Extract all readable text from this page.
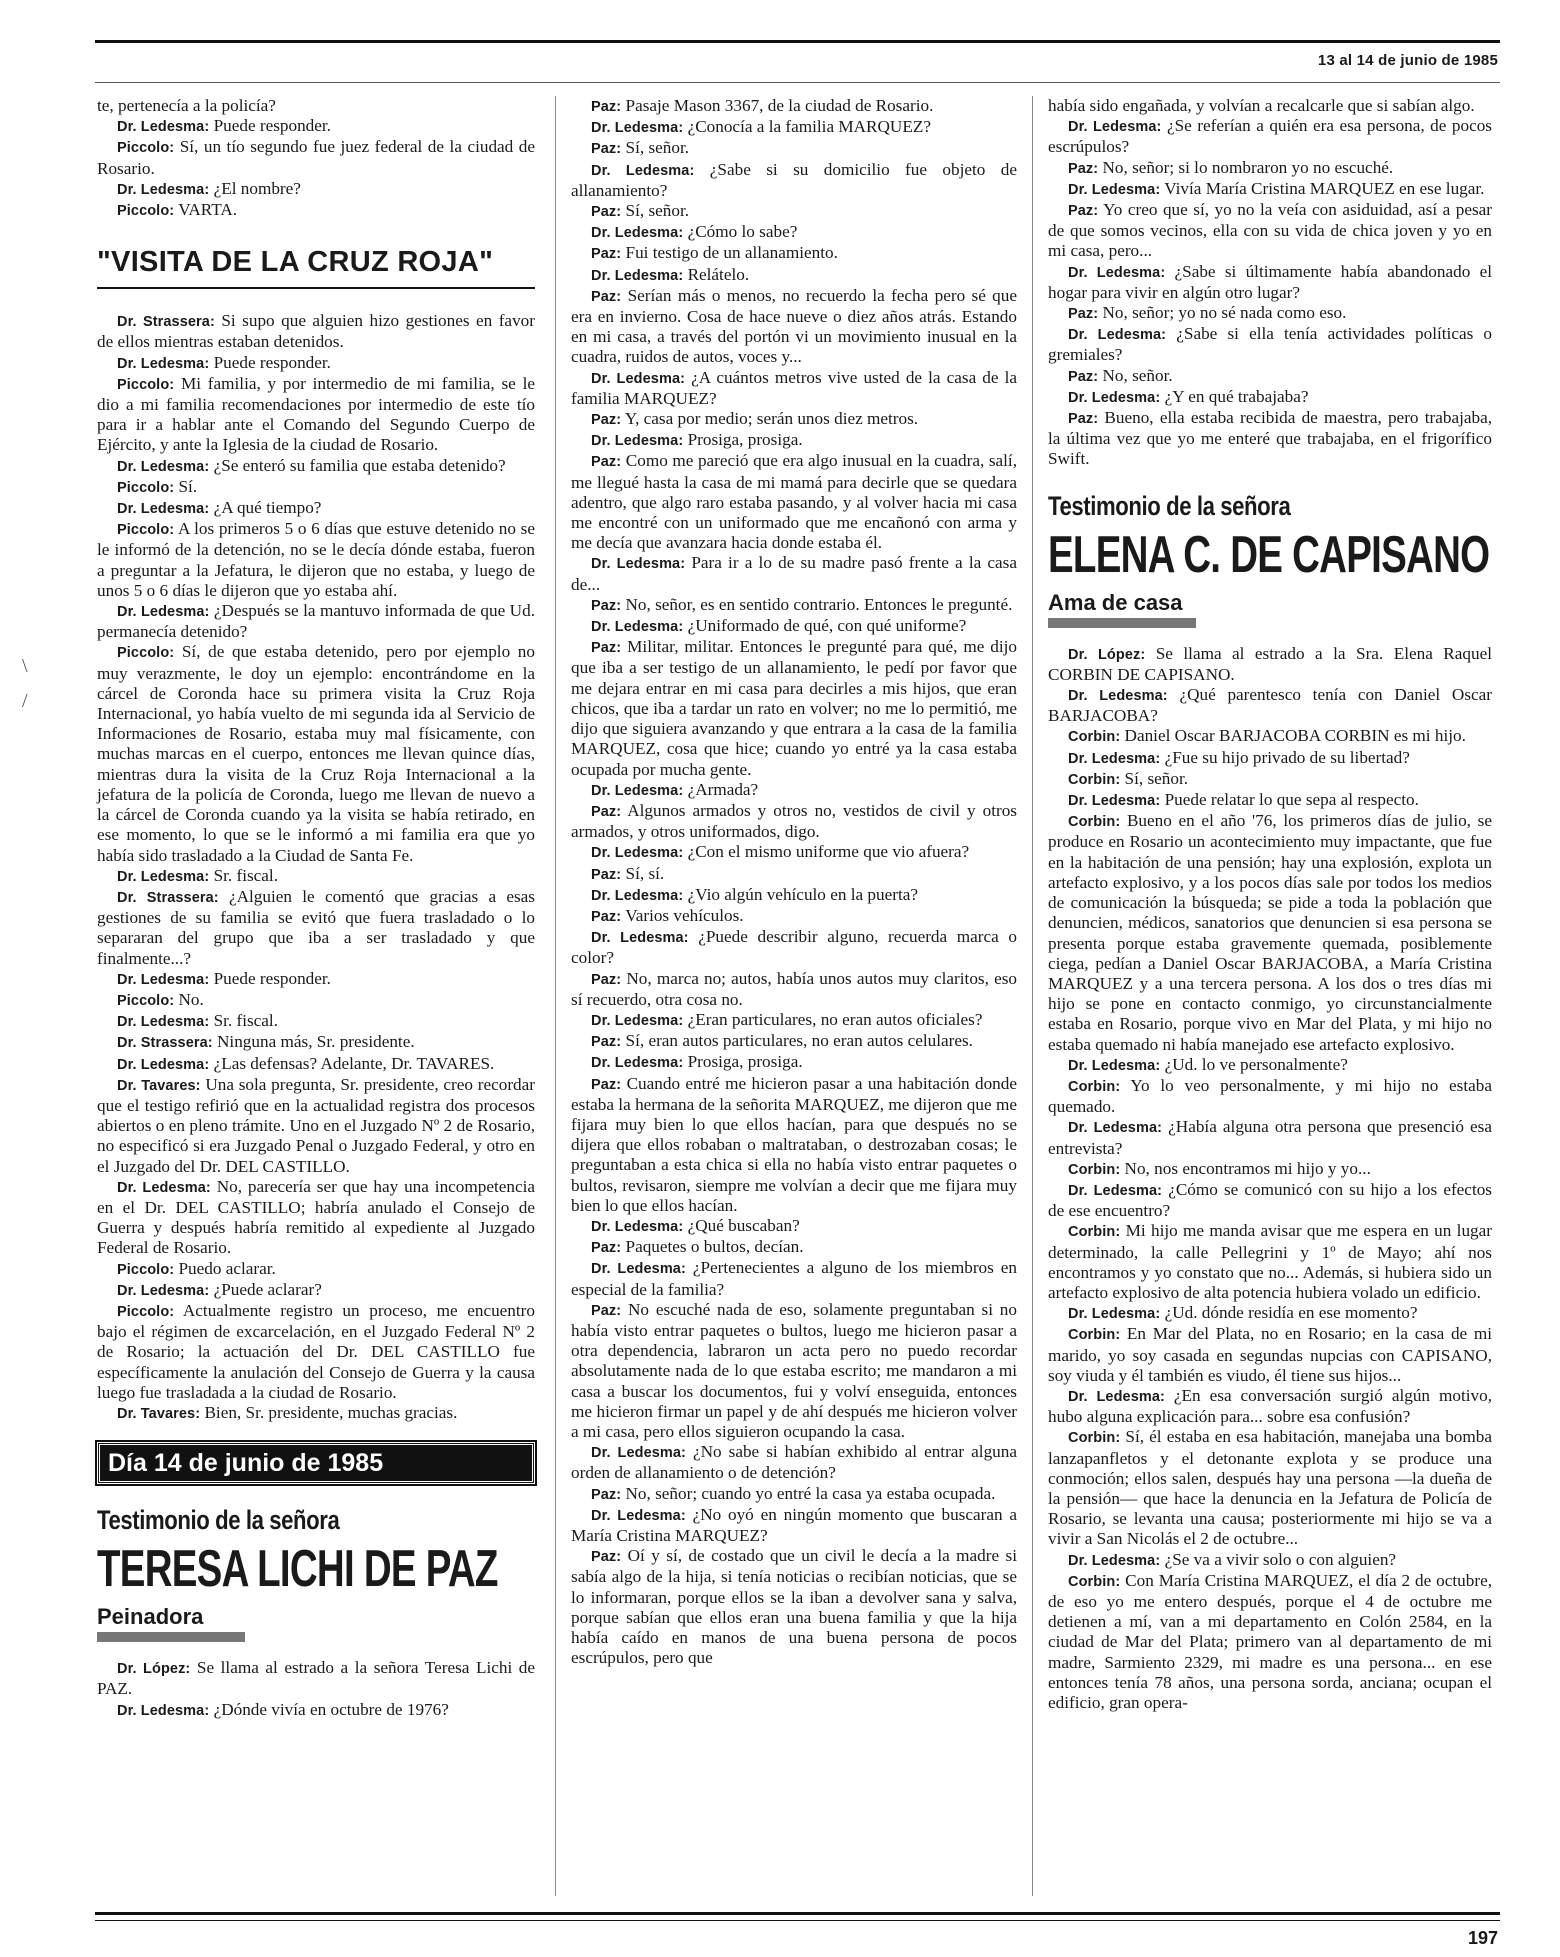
13 al 14 de junio de 1985
\
/

te, pertenecía a la policía?

Dr. Ledesma: Puede responder.

Piccolo: Sí, un tío segundo fue juez federal de la ciudad de Rosario.

Dr. Ledesma: ¿El nombre?

Piccolo: VARTA.

"VISITA DE LA CRUZ ROJA"

Dr. Strassera: Si supo que alguien hizo gestiones en favor de ellos mientras estaban detenidos.

Dr. Ledesma: Puede responder.

Piccolo: Mi familia, y por intermedio de mi familia, se le dio a mi familia recomendaciones por intermedio de este tío para ir a hablar ante el Comando del Segundo Cuerpo de Ejército, y ante la Iglesia de la ciudad de Rosario.

Dr. Ledesma: ¿Se enteró su familia que estaba detenido?

Piccolo: Sí.

Dr. Ledesma: ¿A qué tiempo?

Piccolo: A los primeros 5 o 6 días que estuve detenido no se le informó de la detención, no se le decía dónde estaba, fueron a preguntar a la Jefatura, le dijeron que no estaba, y luego de unos 5 o 6 días le dijeron que yo estaba ahí.

Dr. Ledesma: ¿Después se la mantuvo informada de que Ud. permanecía detenido?

Piccolo: Sí, de que estaba detenido, pero por ejemplo no muy verazmente, le doy un ejemplo: encontrándome en la cárcel de Coronda hace su primera visita la Cruz Roja Internacional, yo había vuelto de mi segunda ida al Servicio de Informaciones de Rosario, estaba muy mal físicamente, con muchas marcas en el cuerpo, entonces me llevan quince días, mientras dura la visita de la Cruz Roja Internacional a la jefatura de la policía de Coronda, luego me llevan de nuevo a la cárcel de Coronda cuando ya la visita se había retirado, en ese momento, lo que se le informó a mi familia era que yo había sido trasladado a la Ciudad de Santa Fe.

Dr. Ledesma: Sr. fiscal.

Dr. Strassera: ¿Alguien le comentó que gracias a esas gestiones de su familia se evitó que fuera trasladado o lo separaran del grupo que iba a ser trasladado y que finalmente...?

Dr. Ledesma: Puede responder.

Piccolo: No.

Dr. Ledesma: Sr. fiscal.

Dr. Strassera: Ninguna más, Sr. presidente.

Dr. Ledesma: ¿Las defensas? Adelante, Dr. TAVARES.

Dr. Tavares: Una sola pregunta, Sr. presidente, creo recordar que el testigo refirió que en la actualidad registra dos procesos abiertos o en pleno trámite. Uno en el Juzgado Nº 2 de Rosario, no especificó si era Juzgado Penal o Juzgado Federal, y otro en el Juzgado del Dr. DEL CASTILLO.

Dr. Ledesma: No, parecería ser que hay una incompetencia en el Dr. DEL CASTILLO; habría anulado el Consejo de Guerra y después habría remitido al expediente al Juzgado Federal de Rosario.

Piccolo: Puedo aclarar.

Dr. Ledesma: ¿Puede aclarar?

Piccolo: Actualmente registro un proceso, me encuentro bajo el régimen de excarcelación, en el Juzgado Federal Nº 2 de Rosario; la actuación del Dr. DEL CASTILLO fue específicamente la anulación del Consejo de Guerra y la causa luego fue trasladada a la ciudad de Rosario.

Dr. Tavares: Bien, Sr. presidente, muchas gracias.

Día 14 de junio de 1985
Testimonio de la señora
TERESA LICHI DE PAZ
Peinadora

Dr. López: Se llama al estrado a la señora Teresa Lichi de PAZ.

Dr. Ledesma: ¿Dónde vivía en octubre de 1976?

Paz: Pasaje Mason 3367, de la ciudad de Rosario.

Dr. Ledesma: ¿Conocía a la familia MARQUEZ?

Paz: Sí, señor.

Dr. Ledesma: ¿Sabe si su domicilio fue objeto de allanamiento?

Paz: Sí, señor.

Dr. Ledesma: ¿Cómo lo sabe?

Paz: Fui testigo de un allanamiento.

Dr. Ledesma: Relátelo.

Paz: Serían más o menos, no recuerdo la fecha pero sé que era en invierno. Cosa de hace nueve o diez años atrás. Estando en mi casa, a través del portón vi un movimiento inusual en la cuadra, ruidos de autos, voces y...

Dr. Ledesma: ¿A cuántos metros vive usted de la casa de la familia MARQUEZ?

Paz: Y, casa por medio; serán unos diez metros.

Dr. Ledesma: Prosiga, prosiga.

Paz: Como me pareció que era algo inusual en la cuadra, salí, me llegué hasta la casa de mi mamá para decirle que se quedara adentro, que algo raro estaba pasando, y al volver hacia mi casa me encontré con un uniformado que me encañonó con arma y me decía que avanzara hacia donde estaba él.

Dr. Ledesma: Para ir a lo de su madre pasó frente a la casa de...

Paz: No, señor, es en sentido contrario. Entonces le pregunté.

Dr. Ledesma: ¿Uniformado de qué, con qué uniforme?

Paz: Militar, militar. Entonces le pregunté para qué, me dijo que iba a ser testigo de un allanamiento, le pedí por favor que me dejara entrar en mi casa para decirles a mis hijos, que eran chicos, que iba a tardar un rato en volver; no me lo permitió, me dijo que siguiera avanzando y que entrara a la casa de la familia MARQUEZ, cosa que hice; cuando yo entré ya la casa estaba ocupada por mucha gente.

Dr. Ledesma: ¿Armada?

Paz: Algunos armados y otros no, vestidos de civil y otros armados, y otros uniformados, digo.

Dr. Ledesma: ¿Con el mismo uniforme que vio afuera?

Paz: Sí, sí.

Dr. Ledesma: ¿Vio algún vehículo en la puerta?

Paz: Varios vehículos.

Dr. Ledesma: ¿Puede describir alguno, recuerda marca o color?

Paz: No, marca no; autos, había unos autos muy claritos, eso sí recuerdo, otra cosa no.

Dr. Ledesma: ¿Eran particulares, no eran autos oficiales?

Paz: Sí, eran autos particulares, no eran autos celulares.

Dr. Ledesma: Prosiga, prosiga.

Paz: Cuando entré me hicieron pasar a una habitación donde estaba la hermana de la señorita MARQUEZ, me dijeron que me fijara muy bien lo que ellos hacían, para que después no se dijera que ellos robaban o maltrataban, o destrozaban cosas; le preguntaban a esta chica si ella no había visto entrar paquetes o bultos, revisaron, siempre me volvían a decir que me fijara muy bien lo que ellos hacían.

Dr. Ledesma: ¿Qué buscaban?

Paz: Paquetes o bultos, decían.

Dr. Ledesma: ¿Pertenecientes a alguno de los miembros en especial de la familia?

Paz: No escuché nada de eso, solamente preguntaban si no había visto entrar paquetes o bultos, luego me hicieron pasar a otra dependencia, labraron un acta pero no puedo recordar absolutamente nada de lo que estaba escrito; me mandaron a mi casa a buscar los documentos, fui y volví enseguida, entonces me hicieron firmar un papel y de ahí después me hicieron volver a mi casa, pero ellos siguieron ocupando la casa.

Dr. Ledesma: ¿No sabe si habían exhibido al entrar alguna orden de allanamiento o de detención?

Paz: No, señor; cuando yo entré la casa ya estaba ocupada.

Dr. Ledesma: ¿No oyó en ningún momento que buscaran a María Cristina MARQUEZ?

Paz: Oí y sí, de costado que un civil le decía a la madre si sabía algo de la hija, si tenía noticias o recibían noticias, que se lo informaran, porque ellos se la iban a devolver sana y salva, porque sabían que ellos eran una buena familia y que la hija había caído en manos de una buena persona de pocos escrúpulos, pero que

había sido engañada, y volvían a recalcarle que si sabían algo.

Dr. Ledesma: ¿Se referían a quién era esa persona, de pocos escrúpulos?

Paz: No, señor; si lo nombraron yo no escuché.

Dr. Ledesma: Vivía María Cristina MARQUEZ en ese lugar.

Paz: Yo creo que sí, yo no la veía con asiduidad, así a pesar de que somos vecinos, ella con su vida de chica joven y yo en mi casa, pero...

Dr. Ledesma: ¿Sabe si últimamente había abandonado el hogar para vivir en algún otro lugar?

Paz: No, señor; yo no sé nada como eso.

Dr. Ledesma: ¿Sabe si ella tenía actividades políticas o gremiales?

Paz: No, señor.

Dr. Ledesma: ¿Y en qué trabajaba?

Paz: Bueno, ella estaba recibida de maestra, pero trabajaba, la última vez que yo me enteré que trabajaba, en el frigorífico Swift.

Testimonio de la señora
ELENA C. DE CAPISANO
Ama de casa

Dr. López: Se llama al estrado a la Sra. Elena Raquel CORBIN DE CAPISANO.

Dr. Ledesma: ¿Qué parentesco tenía con Daniel Oscar BARJACOBA?

Corbin: Daniel Oscar BARJACOBA CORBIN es mi hijo.

Dr. Ledesma: ¿Fue su hijo privado de su libertad?

Corbin: Sí, señor.

Dr. Ledesma: Puede relatar lo que sepa al respecto.

Corbin: Bueno en el año '76, los primeros días de julio, se produce en Rosario un acontecimiento muy impactante, que fue en la habitación de una pensión; hay una explosión, explota un artefacto explosivo, y a los pocos días sale por todos los medios de comunicación la búsqueda; se pide a toda la población que denuncien, médicos, sanatorios que denuncien si esa persona se presenta porque estaba gravemente quemada, posiblemente ciega, pedían a Daniel Oscar BARJACOBA, a María Cristina MARQUEZ y a una tercera persona. A los dos o tres días mi hijo se pone en contacto conmigo, yo circunstancialmente estaba en Rosario, porque vivo en Mar del Plata, y mi hijo no estaba quemado ni había manejado ese artefacto explosivo.

Dr. Ledesma: ¿Ud. lo ve personalmente?

Corbin: Yo lo veo personalmente, y mi hijo no estaba quemado.

Dr. Ledesma: ¿Había alguna otra persona que presenció esa entrevista?

Corbin: No, nos encontramos mi hijo y yo...

Dr. Ledesma: ¿Cómo se comunicó con su hijo a los efectos de ese encuentro?

Corbin: Mi hijo me manda avisar que me espera en un lugar determinado, la calle Pellegrini y 1º de Mayo; ahí nos encontramos y yo constato que no... Además, si hubiera sido un artefacto explosivo de alta potencia hubiera volado un edificio.

Dr. Ledesma: ¿Ud. dónde residía en ese momento?

Corbin: En Mar del Plata, no en Rosario; en la casa de mi marido, yo soy casada en segundas nupcias con CAPISANO, soy viuda y él también es viudo, él tiene sus hijos...

Dr. Ledesma: ¿En esa conversación surgió algún motivo, hubo alguna explicación para... sobre esa confusión?

Corbin: Sí, él estaba en esa habitación, manejaba una bomba lanzapanfletos y el detonante explota y se produce una conmoción; ellos salen, después hay una persona —la dueña de la pensión— que hace la denuncia en la Jefatura de Policía de Rosario, se levanta una causa; posteriormente mi hijo se va a vivir a San Nicolás el 2 de octubre...

Dr. Ledesma: ¿Se va a vivir solo o con alguien?

Corbin: Con María Cristina MARQUEZ, el día 2 de octubre, de eso yo me entero después, porque el 4 de octubre me detienen a mí, van a mi departamento en Colón 2584, en la ciudad de Mar del Plata; primero van al departamento de mi madre, Sarmiento 2329, mi madre es una persona... en ese entonces tenía 78 años, una persona sorda, anciana; ocupan el edificio, gran opera-

197
